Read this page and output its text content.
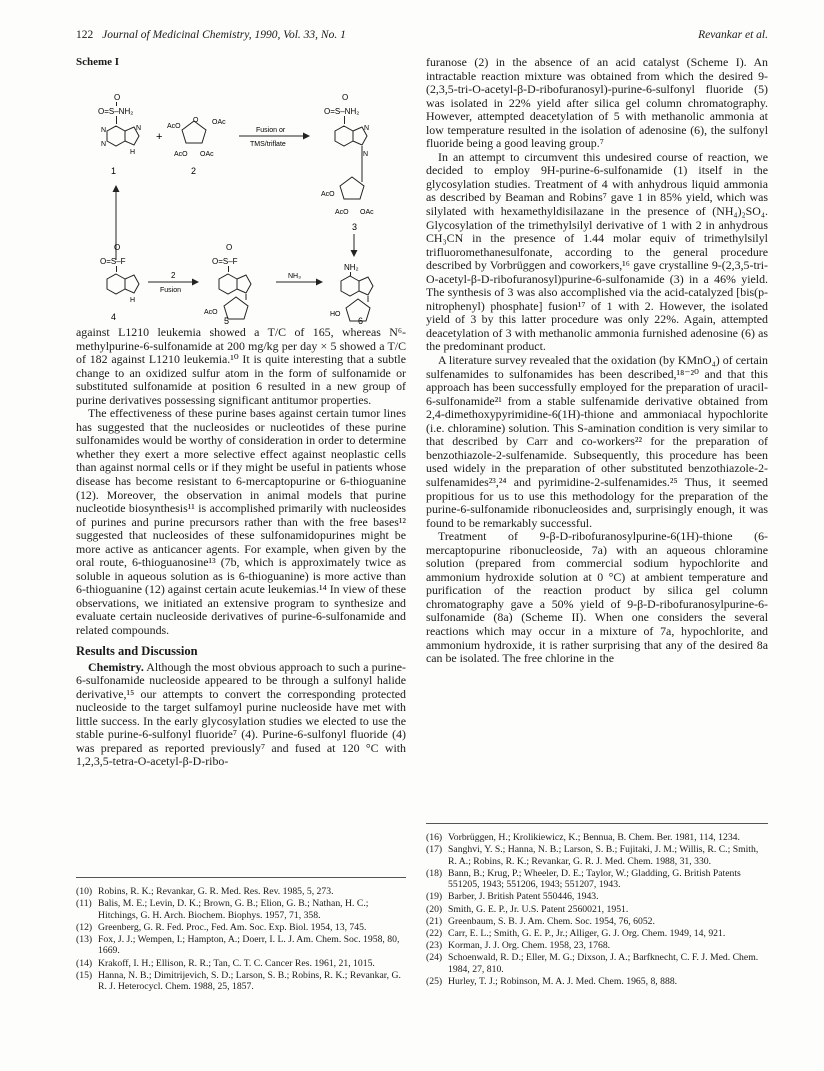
122 Journal of Medicinal Chemistry, 1990, Vol. 33, No. 1	Revankar et al.
Scheme I
O
O=S–NH₂
N
N
N
H
1
+
AcO
OAc
O
AcO OAc
2
Fusion or
TMS/triflate
O
O=S–NH₂
N
N
AcO
AcO OAc
3
O
O=S–F
H
4
2
Fusion
O
O=S–F
AcO
5
NH₃
NH₂
HO
6

against L1210 leukemia showed a T/C of 165, whereas N⁶-methylpurine-6-sulfonamide at 200 mg/kg per day × 5 showed a T/C of 182 against L1210 leukemia.¹⁰ It is quite interesting that a subtle change to an oxidized sulfur atom in the form of sulfonamide or substituted sulfonamide at position 6 resulted in a new group of purine derivatives possessing significant antitumor properties.

The effectiveness of these purine bases against certain tumor lines has suggested that the nucleosides or nucleotides of these purine sulfonamides would be worthy of consideration in order to determine whether they exert a more selective effect against neoplastic cells than against normal cells or if they might be useful in patients whose disease has become resistant to 6-mercaptopurine or 6-thioguanine (12). Moreover, the observation in animal models that purine nucleotide biosynthesis¹¹ is accomplished primarily with nucleosides of purines and purine precursors rather than with the free bases¹² suggested that nucleosides of these sulfonamidopurines might be more active as anticancer agents. For example, when given by the oral route, 6-thioguanosine¹³ (7b, which is approximately twice as soluble in aqueous solution as is 6-thioguanine) is more active than 6-thioguanine (12) against certain acute leukemias.¹⁴ In view of these observations, we initiated an extensive program to synthesize and evaluate certain nucleoside derivatives of purine-6-sulfonamide and related compounds.

Results and Discussion

Chemistry. Although the most obvious approach to such a purine-6-sulfonamide nucleoside appeared to be through a sulfonyl halide derivative,¹⁵ our attempts to convert the corresponding protected nucleoside to the target sulfamoyl purine nucleoside have met with little success. In the early glycosylation studies we elected to use the stable purine-6-sulfonyl fluoride⁷ (4). Purine-6-sulfonyl fluoride (4) was prepared as reported previously⁷ and fused at 120 °C with 1,2,3,5-tetra-O-acetyl-β-D-ribo-

furanose (2) in the absence of an acid catalyst (Scheme I). An intractable reaction mixture was obtained from which the desired 9-(2,3,5-tri-O-acetyl-β-D-ribofuranosyl)-purine-6-sulfonyl fluoride (5) was isolated in 22% yield after silica gel column chromatography. However, attempted deacetylation of 5 with methanolic ammonia at low temperature resulted in the isolation of adenosine (6), the sulfonyl fluoride being a good leaving group.⁷

In an attempt to circumvent this undesired course of reaction, we decided to employ 9H-purine-6-sulfonamide (1) itself in the glycosylation studies. Treatment of 4 with anhydrous liquid ammonia as described by Beaman and Robins⁷ gave 1 in 85% yield, which was silylated with hexamethyldisilazane in the presence of (NH₄)₂SO₄. Glycosylation of the trimethylsilyl derivative of 1 with 2 in anhydrous CH₃CN in the presence of 1.44 molar equiv of trimethylsilyl trifluoromethanesulfonate, according to the general procedure described by Vorbrüggen and coworkers,¹⁶ gave crystalline 9-(2,3,5-tri-O-acetyl-β-D-ribofuranosyl)purine-6-sulfonamide (3) in a 46% yield. The synthesis of 3 was also accomplished via the acid-catalyzed [bis(p-nitrophenyl) phosphate] fusion¹⁷ of 1 with 2. However, the isolated yield of 3 by this latter procedure was only 22%. Again, attempted deacetylation of 3 with methanolic ammonia furnished adenosine (6) as the predominant product.

A literature survey revealed that the oxidation (by KMnO₄) of certain sulfenamides to sulfonamides has been described,¹⁸⁻²⁰ and that this approach has been successfully employed for the preparation of uracil-6-sulfonamide²¹ from a stable sulfenamide derivative obtained from 2,4-dimethoxypyrimidine-6(1H)-thione and ammoniacal hypochlorite (i.e. chloramine) solution. This S-amination condition is very similar to that described by Carr and co-workers²² for the preparation of benzothiazole-2-sulfenamide. Subsequently, this procedure has been used widely in the preparation of other substituted benzothiazole-2-sulfenamides²³,²⁴ and pyrimidine-2-sulfenamides.²⁵ Thus, it seemed propitious for us to use this methodology for the preparation of the purine-6-sulfonamide ribonucleosides and, surprisingly enough, it was found to be remarkably successful.

Treatment of 9-β-D-ribofuranosylpurine-6(1H)-thione (6-mercaptopurine ribonucleoside, 7a) with an aqueous chloramine solution (prepared from commercial sodium hypochlorite and ammonium hydroxide solution at 0 °C) at ambient temperature and purification of the reaction product by silica gel column chromatography gave a 50% yield of 9-β-D-ribofuranosylpurine-6-sulfonamide (8a) (Scheme II). When one considers the several reactions which may occur in a mixture of 7a, hypochlorite, and ammonium hydroxide, it is rather surprising that any of the desired 8a can be isolated. The free chlorine in the

(10) Robins, R. K.; Revankar, G. R. Med. Res. Rev. 1985, 5, 273.
(11) Balis, M. E.; Levin, D. K.; Brown, G. B.; Elion, G. B.; Nathan, H. C.; Hitchings, G. H. Arch. Biochem. Biophys. 1957, 71, 358.
(12) Greenberg, G. R. Fed. Proc., Fed. Am. Soc. Exp. Biol. 1954, 13, 745.
(13) Fox, J. J.; Wempen, I.; Hampton, A.; Doerr, I. L. J. Am. Chem. Soc. 1958, 80, 1669.
(14) Krakoff, I. H.; Ellison, R. R.; Tan, C. T. C. Cancer Res. 1961, 21, 1015.
(15) Hanna, N. B.; Dimitrijevich, S. D.; Larson, S. B.; Robins, R. K.; Revankar, G. R. J. Heterocycl. Chem. 1988, 25, 1857.
(16) Vorbrüggen, H.; Krolikiewicz, K.; Bennua, B. Chem. Ber. 1981, 114, 1234.
(17) Sanghvi, Y. S.; Hanna, N. B.; Larson, S. B.; Fujitaki, J. M.; Willis, R. C.; Smith, R. A.; Robins, R. K.; Revankar, G. R. J. Med. Chem. 1988, 31, 330.
(18) Bann, B.; Krug, P.; Wheeler, D. E.; Taylor, W.; Gladding, G. British Patents 551205, 1943; 551206, 1943; 551207, 1943.
(19) Barber, J. British Patent 550446, 1943.
(20) Smith, G. E. P., Jr. U.S. Patent 2560021, 1951.
(21) Greenbaum, S. B. J. Am. Chem. Soc. 1954, 76, 6052.
(22) Carr, E. L.; Smith, G. E. P., Jr.; Alliger, G. J. Org. Chem. 1949, 14, 921.
(23) Korman, J. J. Org. Chem. 1958, 23, 1768.
(24) Schoenwald, R. D.; Eller, M. G.; Dixson, J. A.; Barfknecht, C. F. J. Med. Chem. 1984, 27, 810.
(25) Hurley, T. J.; Robinson, M. A. J. Med. Chem. 1965, 8, 888.
